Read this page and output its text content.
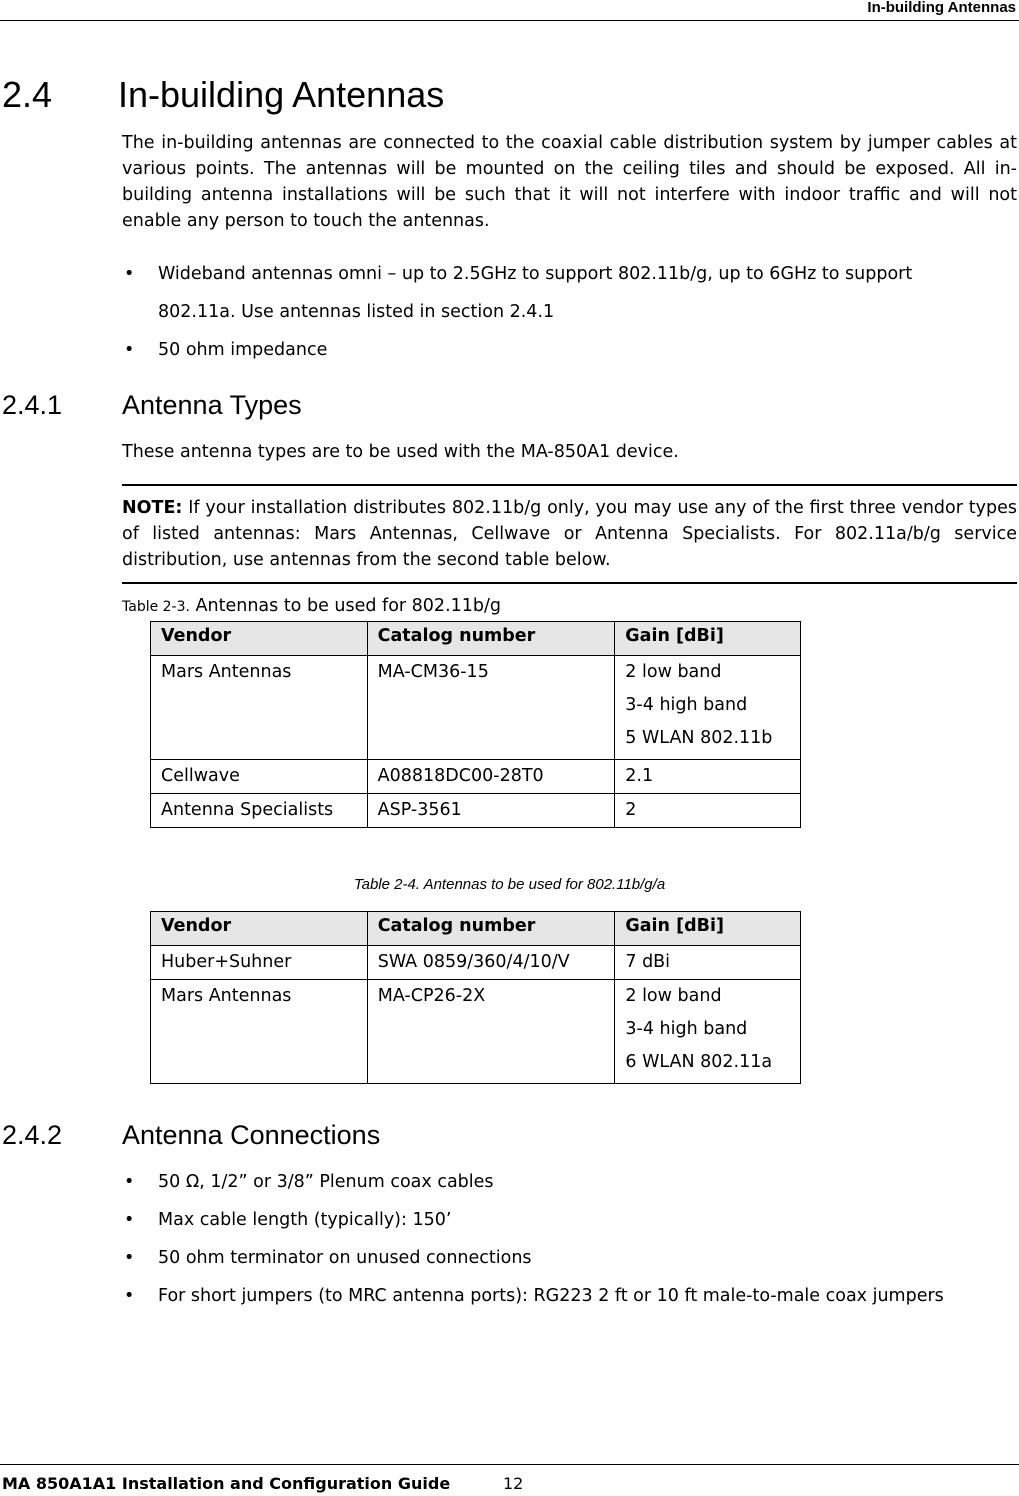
In-building Antennas
2.4 In-building Antennas
The in-building antennas are connected to the coaxial cable distribution system by jumper cables at various points. The antennas will be mounted on the ceiling tiles and should be exposed. All in-building antenna installations will be such that it will not interfere with indoor traffic and will not enable any person to touch the antennas.
• Wideband antennas omni – up to 2.5GHz to support 802.11b/g, up to 6GHz to support 802.11a. Use antennas listed in section 2.4.1
• 50 ohm impedance
2.4.1 Antenna Types
These antenna types are to be used with the MA-850A1 device.
NOTE: If your installation distributes 802.11b/g only, you may use any of the first three vendor types of listed antennas: Mars Antennas, Cellwave or Antenna Specialists. For 802.11a/b/g service distribution, use antennas from the second table below.
Table 2-3. Antennas to be used for 802.11b/g
Vendor	Catalog number	Gain [dBi]

Mars Antennas	MA-CM36-15	2 low band
3-4 high band
5 WLAN 802.11b

Cellwave	A08818DC00-28T0	2.1

Antenna Specialists	ASP-3561	2
Table 2-4. Antennas to be used for 802.11b/g/a
Vendor	Catalog number	Gain [dBi]

Huber+Suhner	SWA 0859/360/4/10/V	7 dBi

Mars Antennas	MA-CP26-2X	2 low band
3-4 high band
6 WLAN 802.11a
2.4.2 Antenna Connections
• 50 Ω, 1/2” or 3/8” Plenum coax cables
• Max cable length (typically): 150’
• 50 ohm terminator on unused connections
• For short jumpers (to MRC antenna ports): RG223 2 ft or 10 ft male-to-male coax jumpers
MA 850A1A1 Installation and Configuration Guide	12
